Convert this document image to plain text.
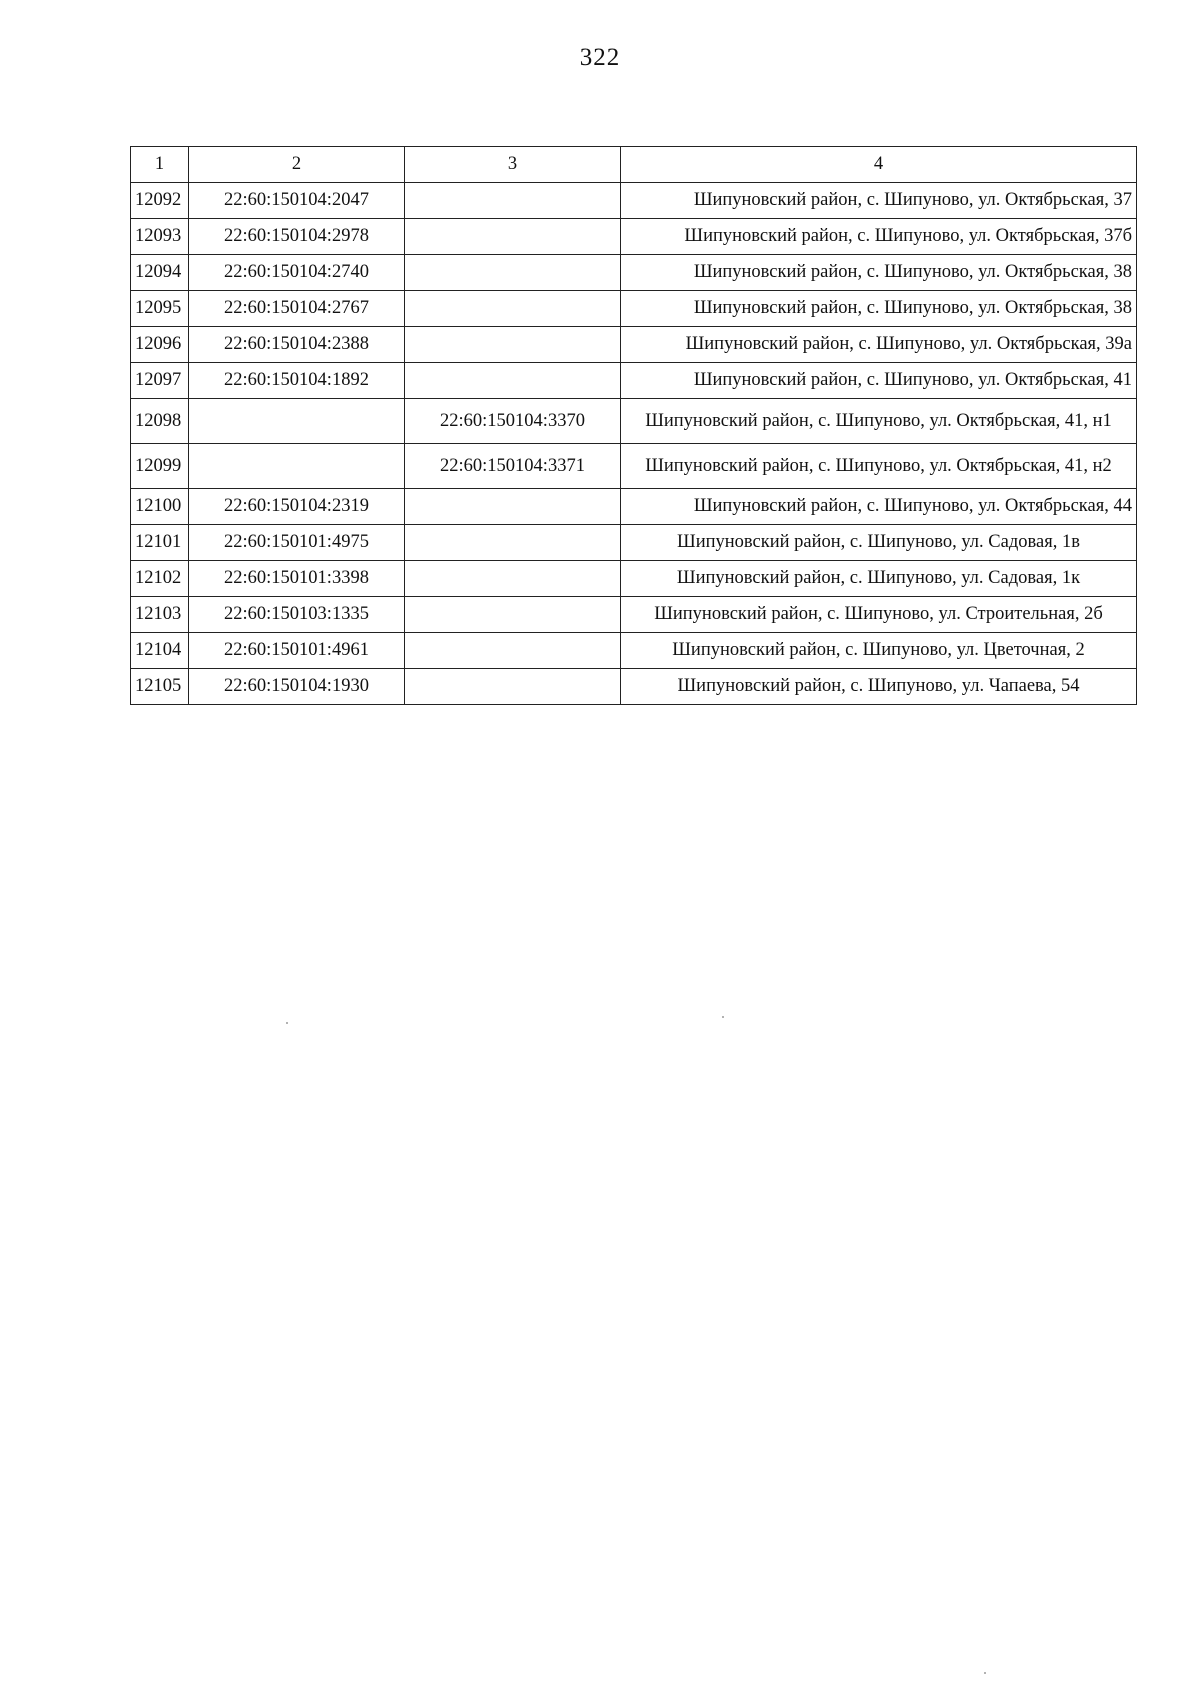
322
1	2	3	4
12092	22:60:150104:2047		Шипуновский район, с. Шипуново, ул. Октябрьская, 37
12093	22:60:150104:2978		Шипуновский район, с. Шипуново, ул. Октябрьская, 37б
12094	22:60:150104:2740		Шипуновский район, с. Шипуново, ул. Октябрьская, 38
12095	22:60:150104:2767		Шипуновский район, с. Шипуново, ул. Октябрьская, 38
12096	22:60:150104:2388		Шипуновский район, с. Шипуново, ул. Октябрьская, 39а
12097	22:60:150104:1892		Шипуновский район, с. Шипуново, ул. Октябрьская, 41
12098		22:60:150104:3370	Шипуновский район, с. Шипуново, ул. Октябрьская, 41, н1
12099		22:60:150104:3371	Шипуновский район, с. Шипуново, ул. Октябрьская, 41, н2
12100	22:60:150104:2319		Шипуновский район, с. Шипуново, ул. Октябрьская, 44
12101	22:60:150101:4975		Шипуновский район, с. Шипуново, ул. Садовая, 1в
12102	22:60:150101:3398		Шипуновский район, с. Шипуново, ул. Садовая, 1к
12103	22:60:150103:1335		Шипуновский район, с. Шипуново, ул. Строительная, 2б
12104	22:60:150101:4961		Шипуновский район, с. Шипуново, ул. Цветочная, 2
12105	22:60:150104:1930		Шипуновский район, с. Шипуново, ул. Чапаева, 54
